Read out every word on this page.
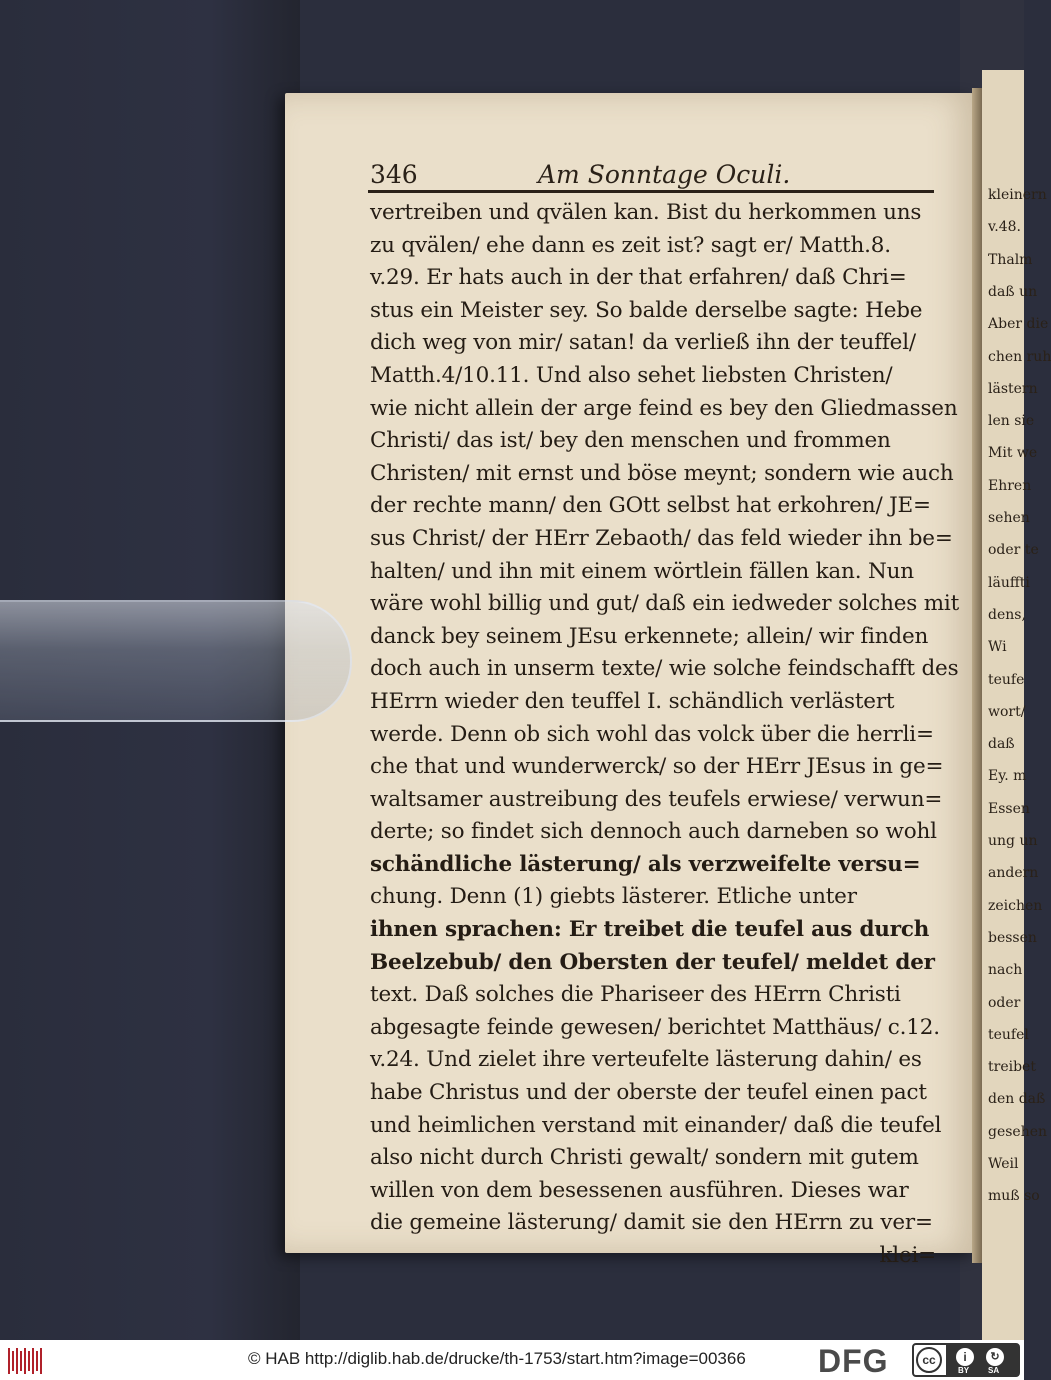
kleinern
v.48.
Thalm
daß un
Aber die
chen ruh
lästern
len sie
Mit we
Ehren
sehen
oder te
läuffti
dens,
Wi
teufe
wort/
daß
Ey. m
Essen
ung un
andern
zeichen
bessen
nach
oder
teufel
treibet
den daß
gesehen
Weil
muß so
346	Am Sonntage Oculi.
vertreiben und qvälen kan. Bist du herkommen uns
zu qvälen/ ehe dann es zeit ist? sagt er/ Matth.8.
v.29. Er hats auch in der that erfahren/ daß Chri=
stus ein Meister sey. So balde derselbe sagte: Hebe
dich weg von mir/ satan! da verließ ihn der teuffel/
Matth.4/10.11. Und also sehet liebsten Christen/
wie nicht allein der arge feind es bey den Gliedmassen
Christi/ das ist/ bey den menschen und frommen
Christen/ mit ernst und böse meynt; sondern wie auch
der rechte mann/ den GOtt selbst hat erkohren/ JE=
sus Christ/ der HErr Zebaoth/ das feld wieder ihn be=
halten/ und ihn mit einem wörtlein fällen kan. Nun
wäre wohl billig und gut/ daß ein iedweder solches mit
danck bey seinem JEsu erkennete; allein/ wir finden
doch auch in unserm texte/ wie solche feindschafft des
HErrn wieder den teuffel I. schändlich verlästert
werde. Denn ob sich wohl das volck über die herrli=
che that und wunderwerck/ so der HErr JEsus in ge=
waltsamer austreibung des teufels erwiese/ verwun=
derte; so findet sich dennoch auch darneben so wohl
schändliche lästerung/ als verzweifelte versu=
chung. Denn (1) giebts lästerer. Etliche unter
ihnen sprachen: Er treibet die teufel aus durch
Beelzebub/ den Obersten der teufel/ meldet der
text. Daß solches die Phariseer des HErrn Christi
abgesagte feinde gewesen/ berichtet Matthäus/ c.12.
v.24. Und zielet ihre verteufelte lästerung dahin/ es
habe Christus und der oberste der teufel einen pact
und heimlichen verstand mit einander/ daß die teufel
also nicht durch Christi gewalt/ sondern mit gutem
willen von dem besessenen ausführen. Dieses war
die gemeine lästerung/ damit sie den HErrn zu ver=
klei=
© HAB http://diglib.hab.de/drucke/th-1753/start.htm?image=00366 DFG	cc	i	↻
BY SA
